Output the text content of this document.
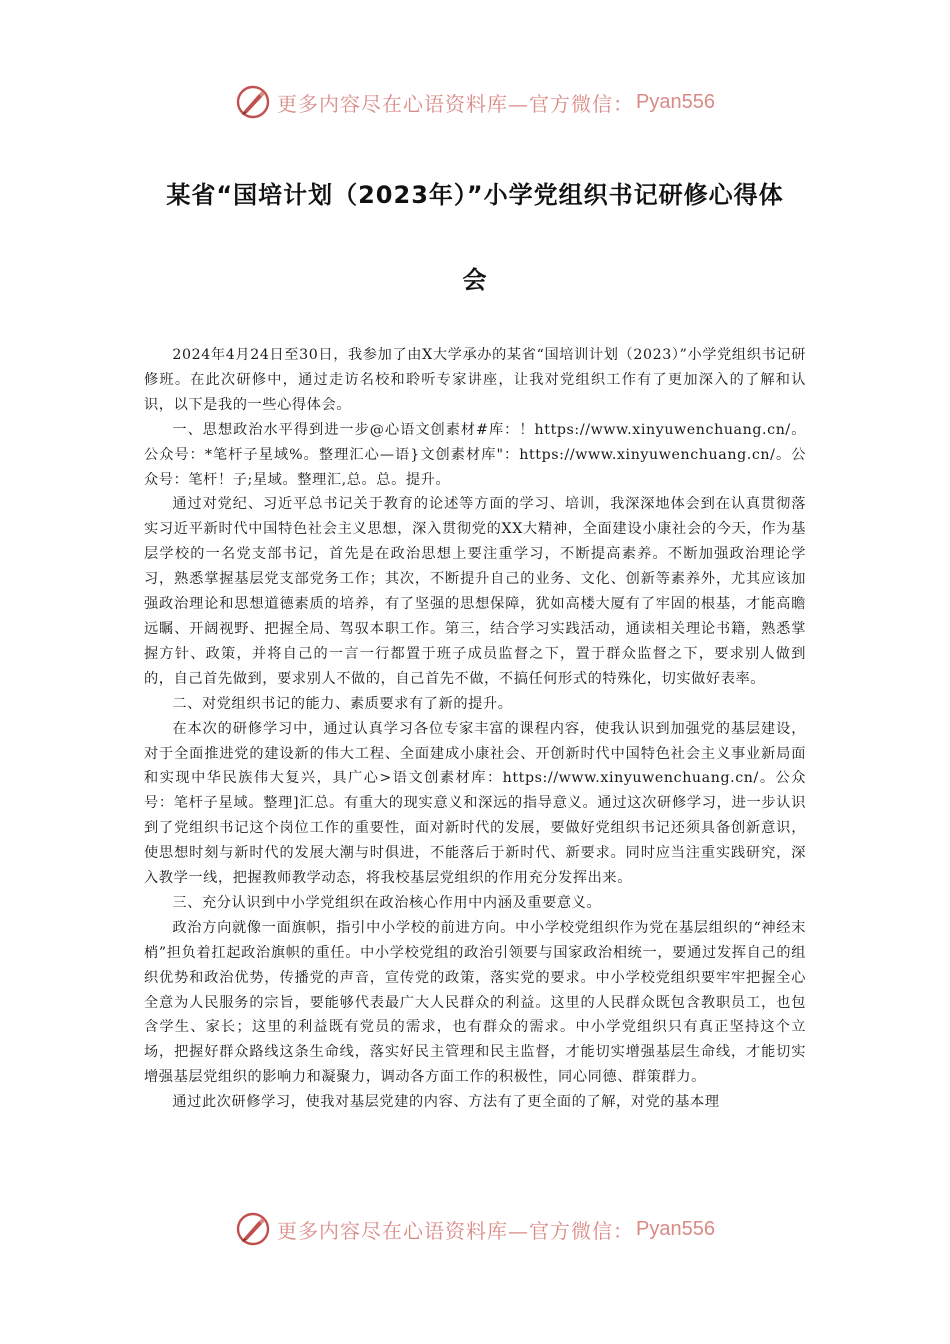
更多内容尽在心语资料库—官方微信： Pyan556
某省“国培计划（2023年）”小学党组织书记研修心得体
会

2024年4月24日至30日，我参加了由X大学承办的某省“国培训计划（2023）”小学党组织书记研修班。在此次研修中，通过走访名校和聆听专家讲座，让我对党组织工作有了更加深入的了解和认识，以下是我的一些心得体会。

一、思想政治水平得到进一步@心语文创素材#库：！https://www.xinyuwenchuang.cn/。公众号：*笔杆子星域%。整理汇心—语}文创素材库"：https://www.xinyuwenchuang.cn/。公众号：笔杆！子;星域。整理汇,总。总。提升。

通过对党纪、习近平总书记关于教育的论述等方面的学习、培训，我深深地体会到在认真贯彻落实习近平新时代中国特色社会主义思想，深入贯彻党的XX大精神，全面建设小康社会的今天，作为基层学校的一名党支部书记，首先是在政治思想上要注重学习，不断提高素养。不断加强政治理论学习，熟悉掌握基层党支部党务工作；其次，不断提升自己的业务、文化、创新等素养外，尤其应该加强政治理论和思想道德素质的培养，有了坚强的思想保障，犹如高楼大厦有了牢固的根基，才能高瞻远瞩、开阔视野、把握全局、驾驭本职工作。第三，结合学习实践活动，通读相关理论书籍，熟悉掌握方针、政策，并将自己的一言一行都置于班子成员监督之下，置于群众监督之下，要求别人做到的，自己首先做到，要求别人不做的，自己首先不做，不搞任何形式的特殊化，切实做好表率。

二、对党组织书记的能力、素质要求有了新的提升。

在本次的研修学习中，通过认真学习各位专家丰富的课程内容，使我认识到加强党的基层建设，对于全面推进党的建设新的伟大工程、全面建成小康社会、开创新时代中国特色社会主义事业新局面和实现中华民族伟大复兴，具广心>语文创素材库：https://www.xinyuwenchuang.cn/。公众号：笔杆子星域。整理]汇总。有重大的现实意义和深远的指导意义。通过这次研修学习，进一步认识到了党组织书记这个岗位工作的重要性，面对新时代的发展，要做好党组织书记还须具备创新意识，使思想时刻与新时代的发展大潮与时俱进，不能落后于新时代、新要求。同时应当注重实践研究，深入教学一线，把握教师教学动态，将我校基层党组织的作用充分发挥出来。

三、充分认识到中小学党组织在政治核心作用中内涵及重要意义。

政治方向就像一面旗帜，指引中小学校的前进方向。中小学校党组织作为党在基层组织的“神经末梢”担负着扛起政治旗帜的重任。中小学校党组的政治引领要与国家政治相统一，要通过发挥自己的组织优势和政治优势，传播党的声音，宣传党的政策，落实党的要求。中小学校党组织要牢牢把握全心全意为人民服务的宗旨，要能够代表最广大人民群众的利益。这里的人民群众既包含教职员工，也包含学生、家长；这里的利益既有党员的需求，也有群众的需求。中小学党组织只有真正坚持这个立场，把握好群众路线这条生命线，落实好民主管理和民主监督，才能切实增强基层生命线，才能切实增强基层党组织的影响力和凝聚力，调动各方面工作的积极性，同心同德、群策群力。

通过此次研修学习，使我对基层党建的内容、方法有了更全面的了解，对党的基本理

更多内容尽在心语资料库—官方微信： Pyan556
